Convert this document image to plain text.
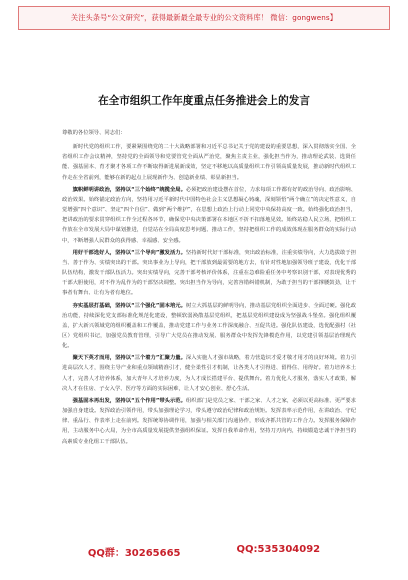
关注头条号“公文研究”，获得最新最全最专业的公文资料库！ 微信：gongwens】
在全市组织工作年度重点任务推进会上的发言

尊敬的各位领导、同志们：

新时代党的组织工作，要紧紧围绕党的二十大战略部署和习近平总书记关于党的建设的重要思想，深入贯彻落实全国、全省组织工作会议精神，坚持党的全面领导和党要管党全面从严治党，聚焦主责主业，强化担当作为，推动理论武装、选贤任能、强基固本、育才聚才各项工作不断取得新进展新成效，坚定不移地以高质量组织工作引领高质量发展，推动新时代组织工作走在全省前列，能够在新的起点上展现新作为、创造新业绩、彰显新担当。

旗帜鲜明讲政治，坚持以“三个始终”统揽全局。必须把政治建设摆在首位，力求每项工作都有好的政治导向、政治影响、政治效果。始终锚定政治方向，坚持用习近平新时代中国特色社会主义思想凝心铸魂，深刻领悟“两个确立”的决定性意义，自觉增强“四个意识”、坚定“四个自信”、做到“两个维护”，在思想上政治上行动上同党中央保持高度一致。始终强化政治担当，把讲政治的要求贯穿组织工作全过程各环节，确保党中央决策部署在本地区不折不扣落地见效。始终站稳人民立场，把组织工作放在全市发展大局中谋划推进，自觉站在全局高度思考问题、推动工作，坚持把组织工作的成效体现在服务群众的实际行动中，不断增强人民群众的获得感、幸福感、安全感。

用好干部选好人，坚持以“三个导向”激发活力。坚持新时代好干部标准，突出政治标准，注重实绩导向，大力选拔敢于担当、善于作为、实绩突出的干部。突出事业为上导向，把干部放到最需要的地方去，有针对性地加强领导班子建设，优化干部队伍结构，激发干部队伍活力。突出实绩导向，完善干部考核评价体系，注重在急难险重任务中考察识别干部，对表现优秀的干部大胆使用，对不作为乱作为的干部坚决调整。突出担当作为导向，完善容错纠错机制，为敢于担当的干部撑腰鼓劲，让干事者有舞台、让有为者有地位。

夯实基层打基础，坚持以“三个强化”固本培元。树立大抓基层的鲜明导向，推动基层党组织全面进步、全面过硬。强化政治功能，持续深化党支部标准化规范化建设，整顿软弱涣散基层党组织，把基层党组织建设成为坚强战斗堡垒。强化组织覆盖，扩大新兴领域党的组织覆盖和工作覆盖，推动党建工作与业务工作深度融合、互促共进。强化队伍建设，选优配强村（社区）党组织书记，加强党员教育管理，引导广大党员在推动发展、服务群众中发挥先锋模范作用，以党建引领基层治理现代化。

聚天下英才而用，坚持以“三个着力”汇聚力量。深入实施人才强市战略，着力营造识才爱才敬才用才的良好环境。着力引进高层次人才，围绕主导产业和重点领域精准引才，健全柔性引才机制，让各类人才引得进、留得住、用得好。着力培养本土人才，完善人才培养体系，加大青年人才培养力度，为人才成长搭建平台、提供舞台。着力优化人才服务，落实人才政策，解决人才在住房、子女入学、医疗等方面的实际困难，让人才安心创业、舒心生活。

强基固本再出发，坚持以“五个作用”带头示范。组织部门是党员之家、干部之家、人才之家，必须以更高标准、更严要求加强自身建设。发挥政治引领作用，带头加强理论学习，带头遵守政治纪律和政治规矩。发挥表率示范作用，在讲政治、守纪律、重品行、作表率上走在前列。发挥统筹协调作用，加强与相关部门沟通协作，形成齐抓共管的工作合力。发挥服务保障作用，主动服务中心大局，为全市高质量发展提供坚强组织保证。发挥自我革命作用，坚持刀刃向内，持续锻造忠诚干净担当的高素质专业化组工干部队伍。

QQ群：30265665	QQ:535304092
